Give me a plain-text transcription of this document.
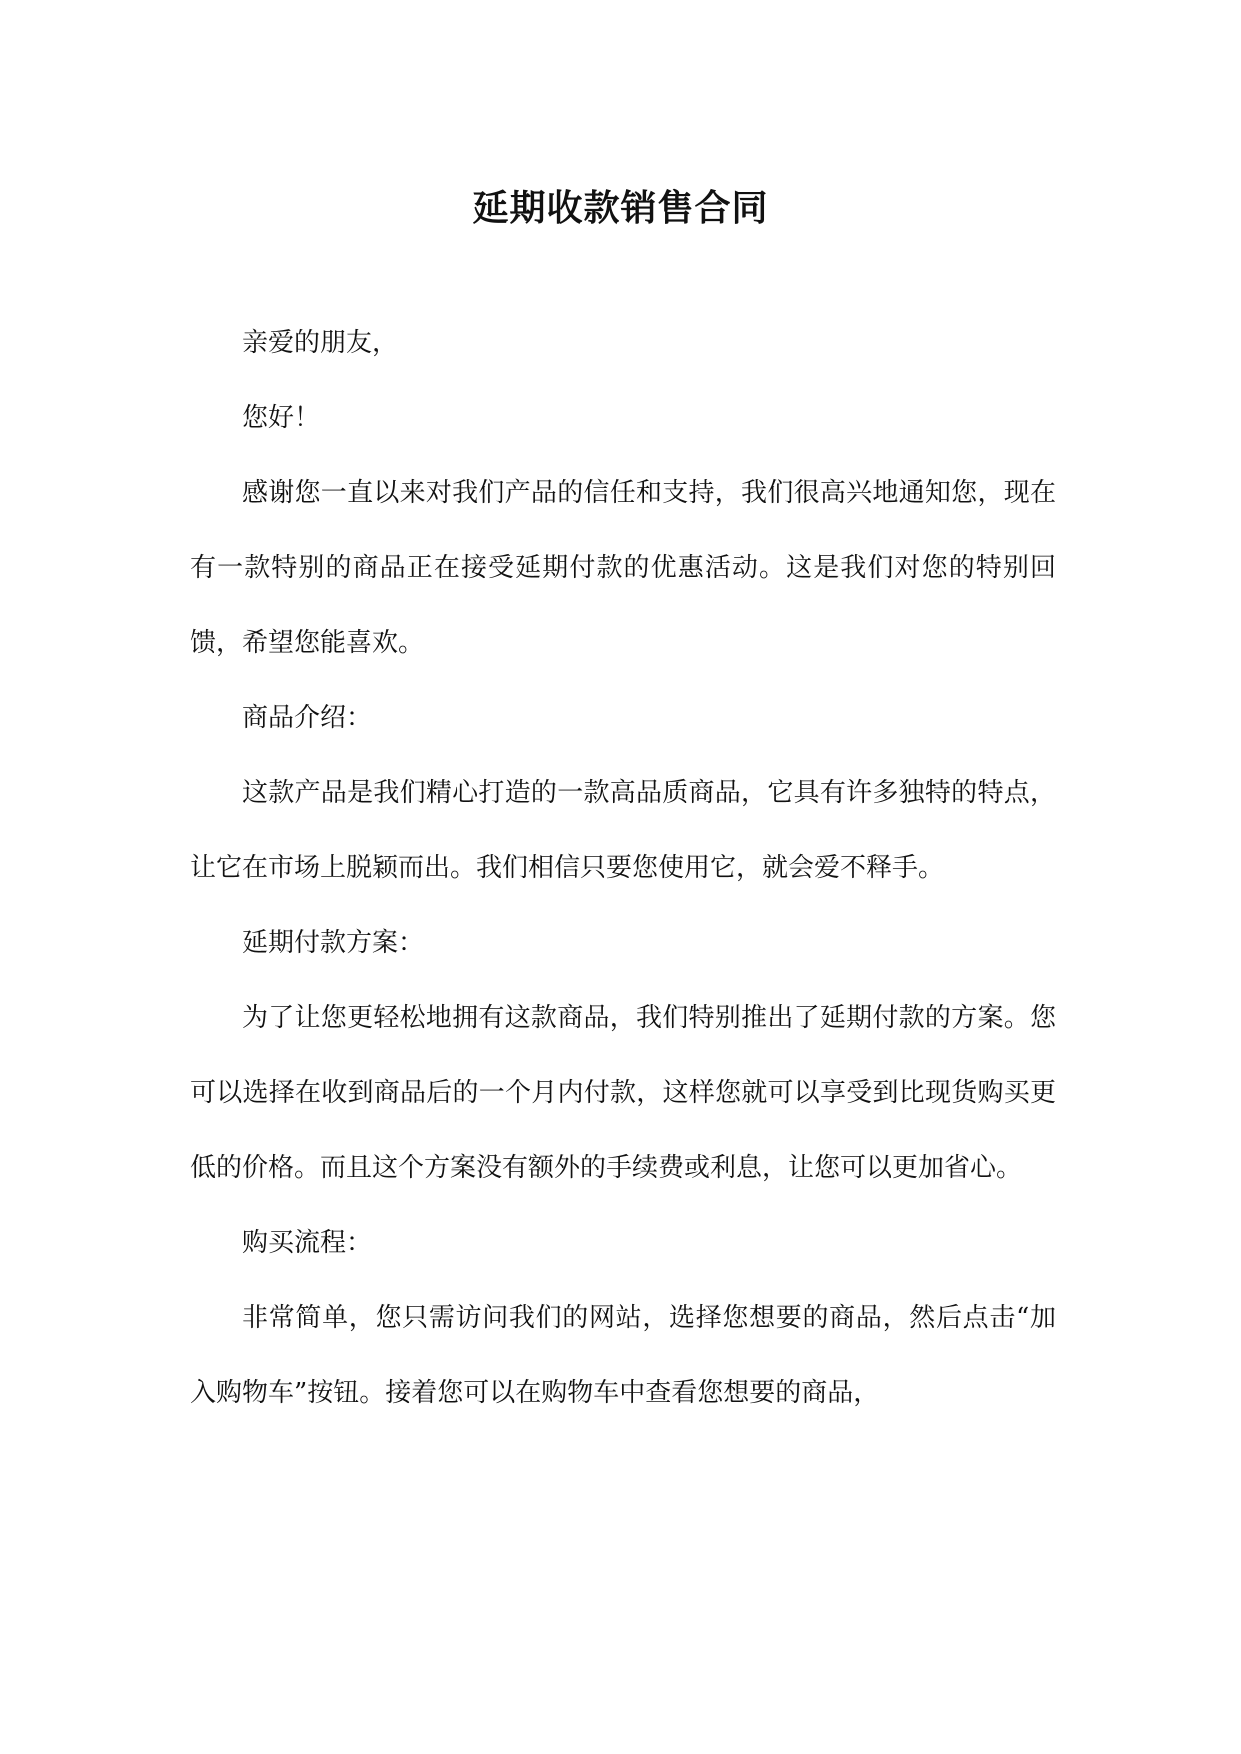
延期收款销售合同

亲爱的朋友，

您好！

感谢您一直以来对我们产品的信任和支持，我们很高兴地通知您，现在有一款特别的商品正在接受延期付款的优惠活动。这是我们对您的特别回馈，希望您能喜欢。

商品介绍：

这款产品是我们精心打造的一款高品质商品，它具有许多独特的特点，让它在市场上脱颖而出。我们相信只要您使用它，就会爱不释手。

延期付款方案：

为了让您更轻松地拥有这款商品，我们特别推出了延期付款的方案。您可以选择在收到商品后的一个月内付款，这样您就可以享受到比现货购买更低的价格。而且这个方案没有额外的手续费或利息，让您可以更加省心。

购买流程：

非常简单，您只需访问我们的网站，选择您想要的商品，然后点击“加入购物车”按钮。接着您可以在购物车中查看您想要的商品，
